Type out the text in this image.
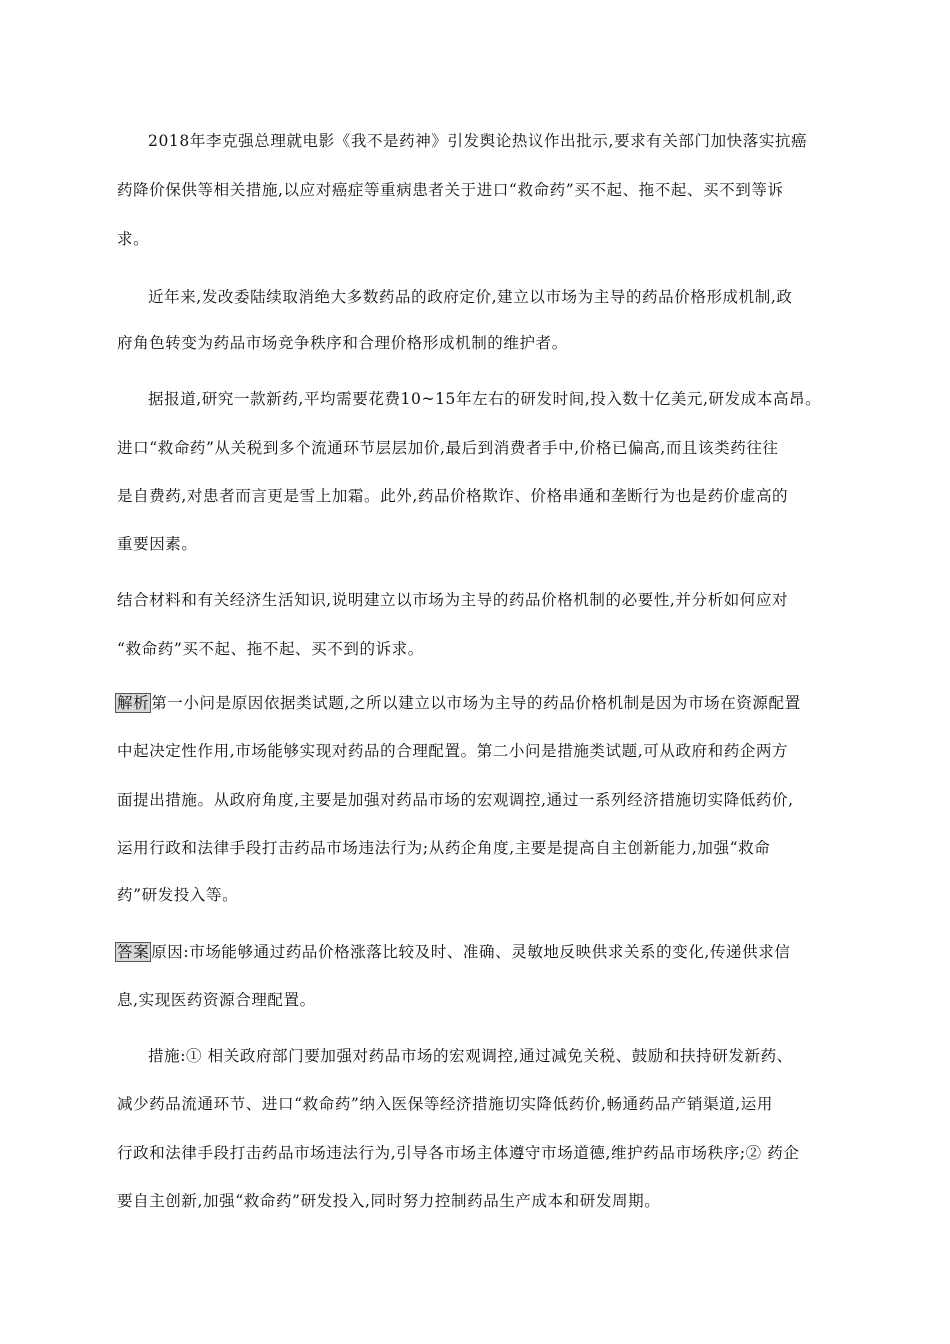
2018年李克强总理就电影《我不是药神》引发舆论热议作出批示,要求有关部门加快落实抗癌
药降价保供等相关措施,以应对癌症等重病患者关于进口“救命药”买不起、拖不起、买不到等诉
求。
近年来,发改委陆续取消绝大多数药品的政府定价,建立以市场为主导的药品价格形成机制,政
府角色转变为药品市场竞争秩序和合理价格形成机制的维护者。
据报道,研究一款新药,平均需要花费10~15年左右的研发时间,投入数十亿美元,研发成本高昂。
进口“救命药”从关税到多个流通环节层层加价,最后到消费者手中,价格已偏高,而且该类药往往
是自费药,对患者而言更是雪上加霜。此外,药品价格欺诈、价格串通和垄断行为也是药价虚高的
重要因素。
结合材料和有关经济生活知识,说明建立以市场为主导的药品价格机制的必要性,并分析如何应对
“救命药”买不起、拖不起、买不到的诉求。
解析 第一小问是原因依据类试题,之所以建立以市场为主导的药品价格机制是因为市场在资源配置
中起决定性作用,市场能够实现对药品的合理配置。第二小问是措施类试题,可从政府和药企两方
面提出措施。从政府角度,主要是加强对药品市场的宏观调控,通过一系列经济措施切实降低药价,
运用行政和法律手段打击药品市场违法行为;从药企角度,主要是提高自主创新能力,加强“救命
药”研发投入等。
答案 原因:市场能够通过药品价格涨落比较及时、准确、灵敏地反映供求关系的变化,传递供求信
息,实现医药资源合理配置。
措施:① 相关政府部门要加强对药品市场的宏观调控,通过减免关税、鼓励和扶持研发新药、
减少药品流通环节、进口“救命药”纳入医保等经济措施切实降低药价,畅通药品产销渠道,运用
行政和法律手段打击药品市场违法行为,引导各市场主体遵守市场道德,维护药品市场秩序;② 药企
要自主创新,加强“救命药”研发投入,同时努力控制药品生产成本和研发周期。
